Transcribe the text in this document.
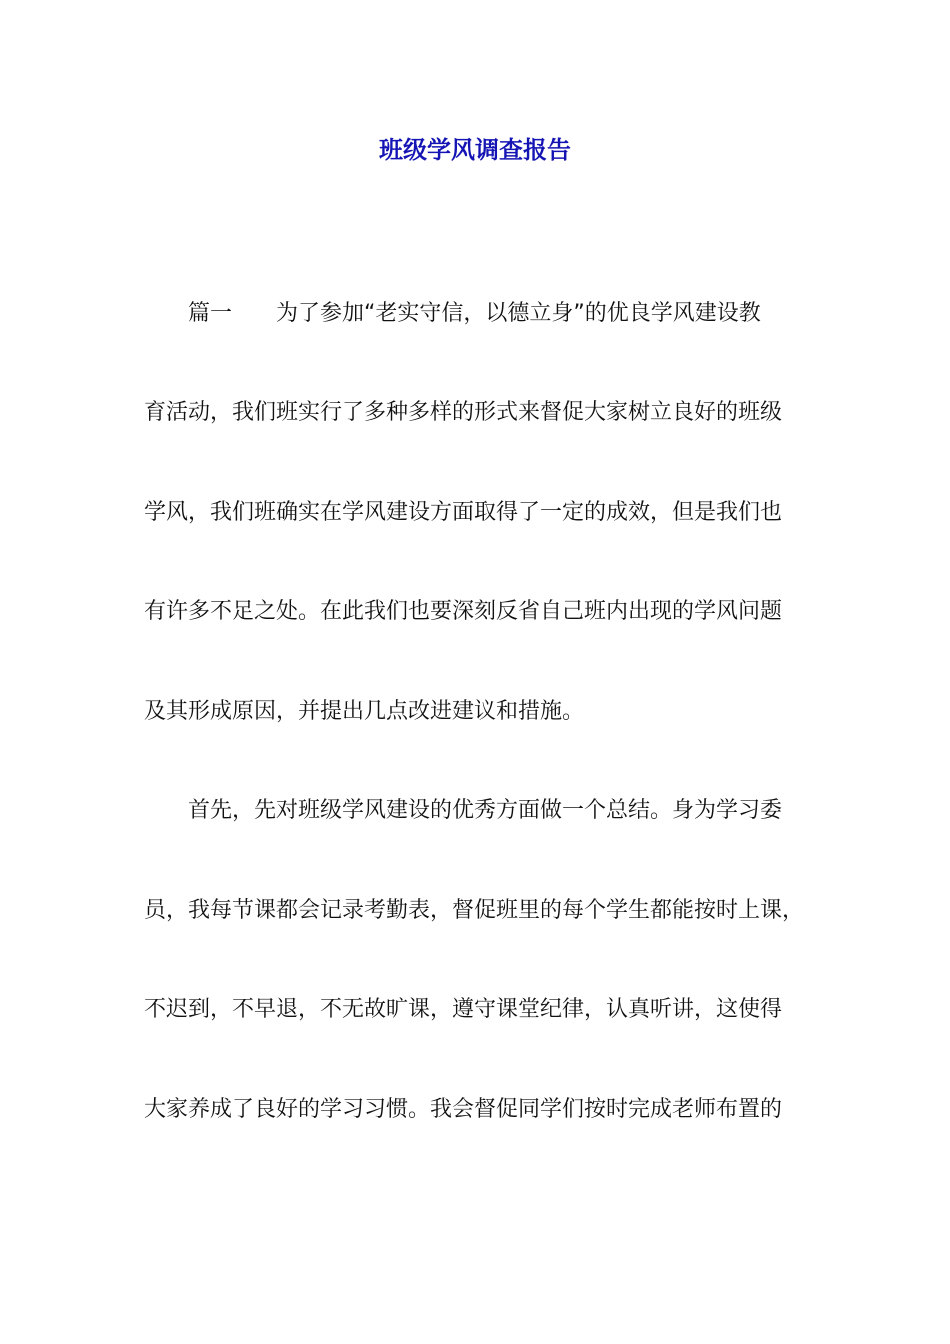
班级学风调查报告

篇一 为了参加“老实守信，以德立身”的优良学风建设教

育活动，我们班实行了多种多样的形式来督促大家树立良好的班级

学风，我们班确实在学风建设方面取得了一定的成效，但是我们也

有许多不足之处。在此我们也要深刻反省自己班内出现的学风问题

及其形成原因，并提出几点改进建议和措施。

首先，先对班级学风建设的优秀方面做一个总结。身为学习委

员，我每节课都会记录考勤表，督促班里的每个学生都能按时上课，

不迟到，不早退，不无故旷课，遵守课堂纪律，认真听讲，这使得

大家养成了良好的学习习惯。我会督促同学们按时完成老师布置的
